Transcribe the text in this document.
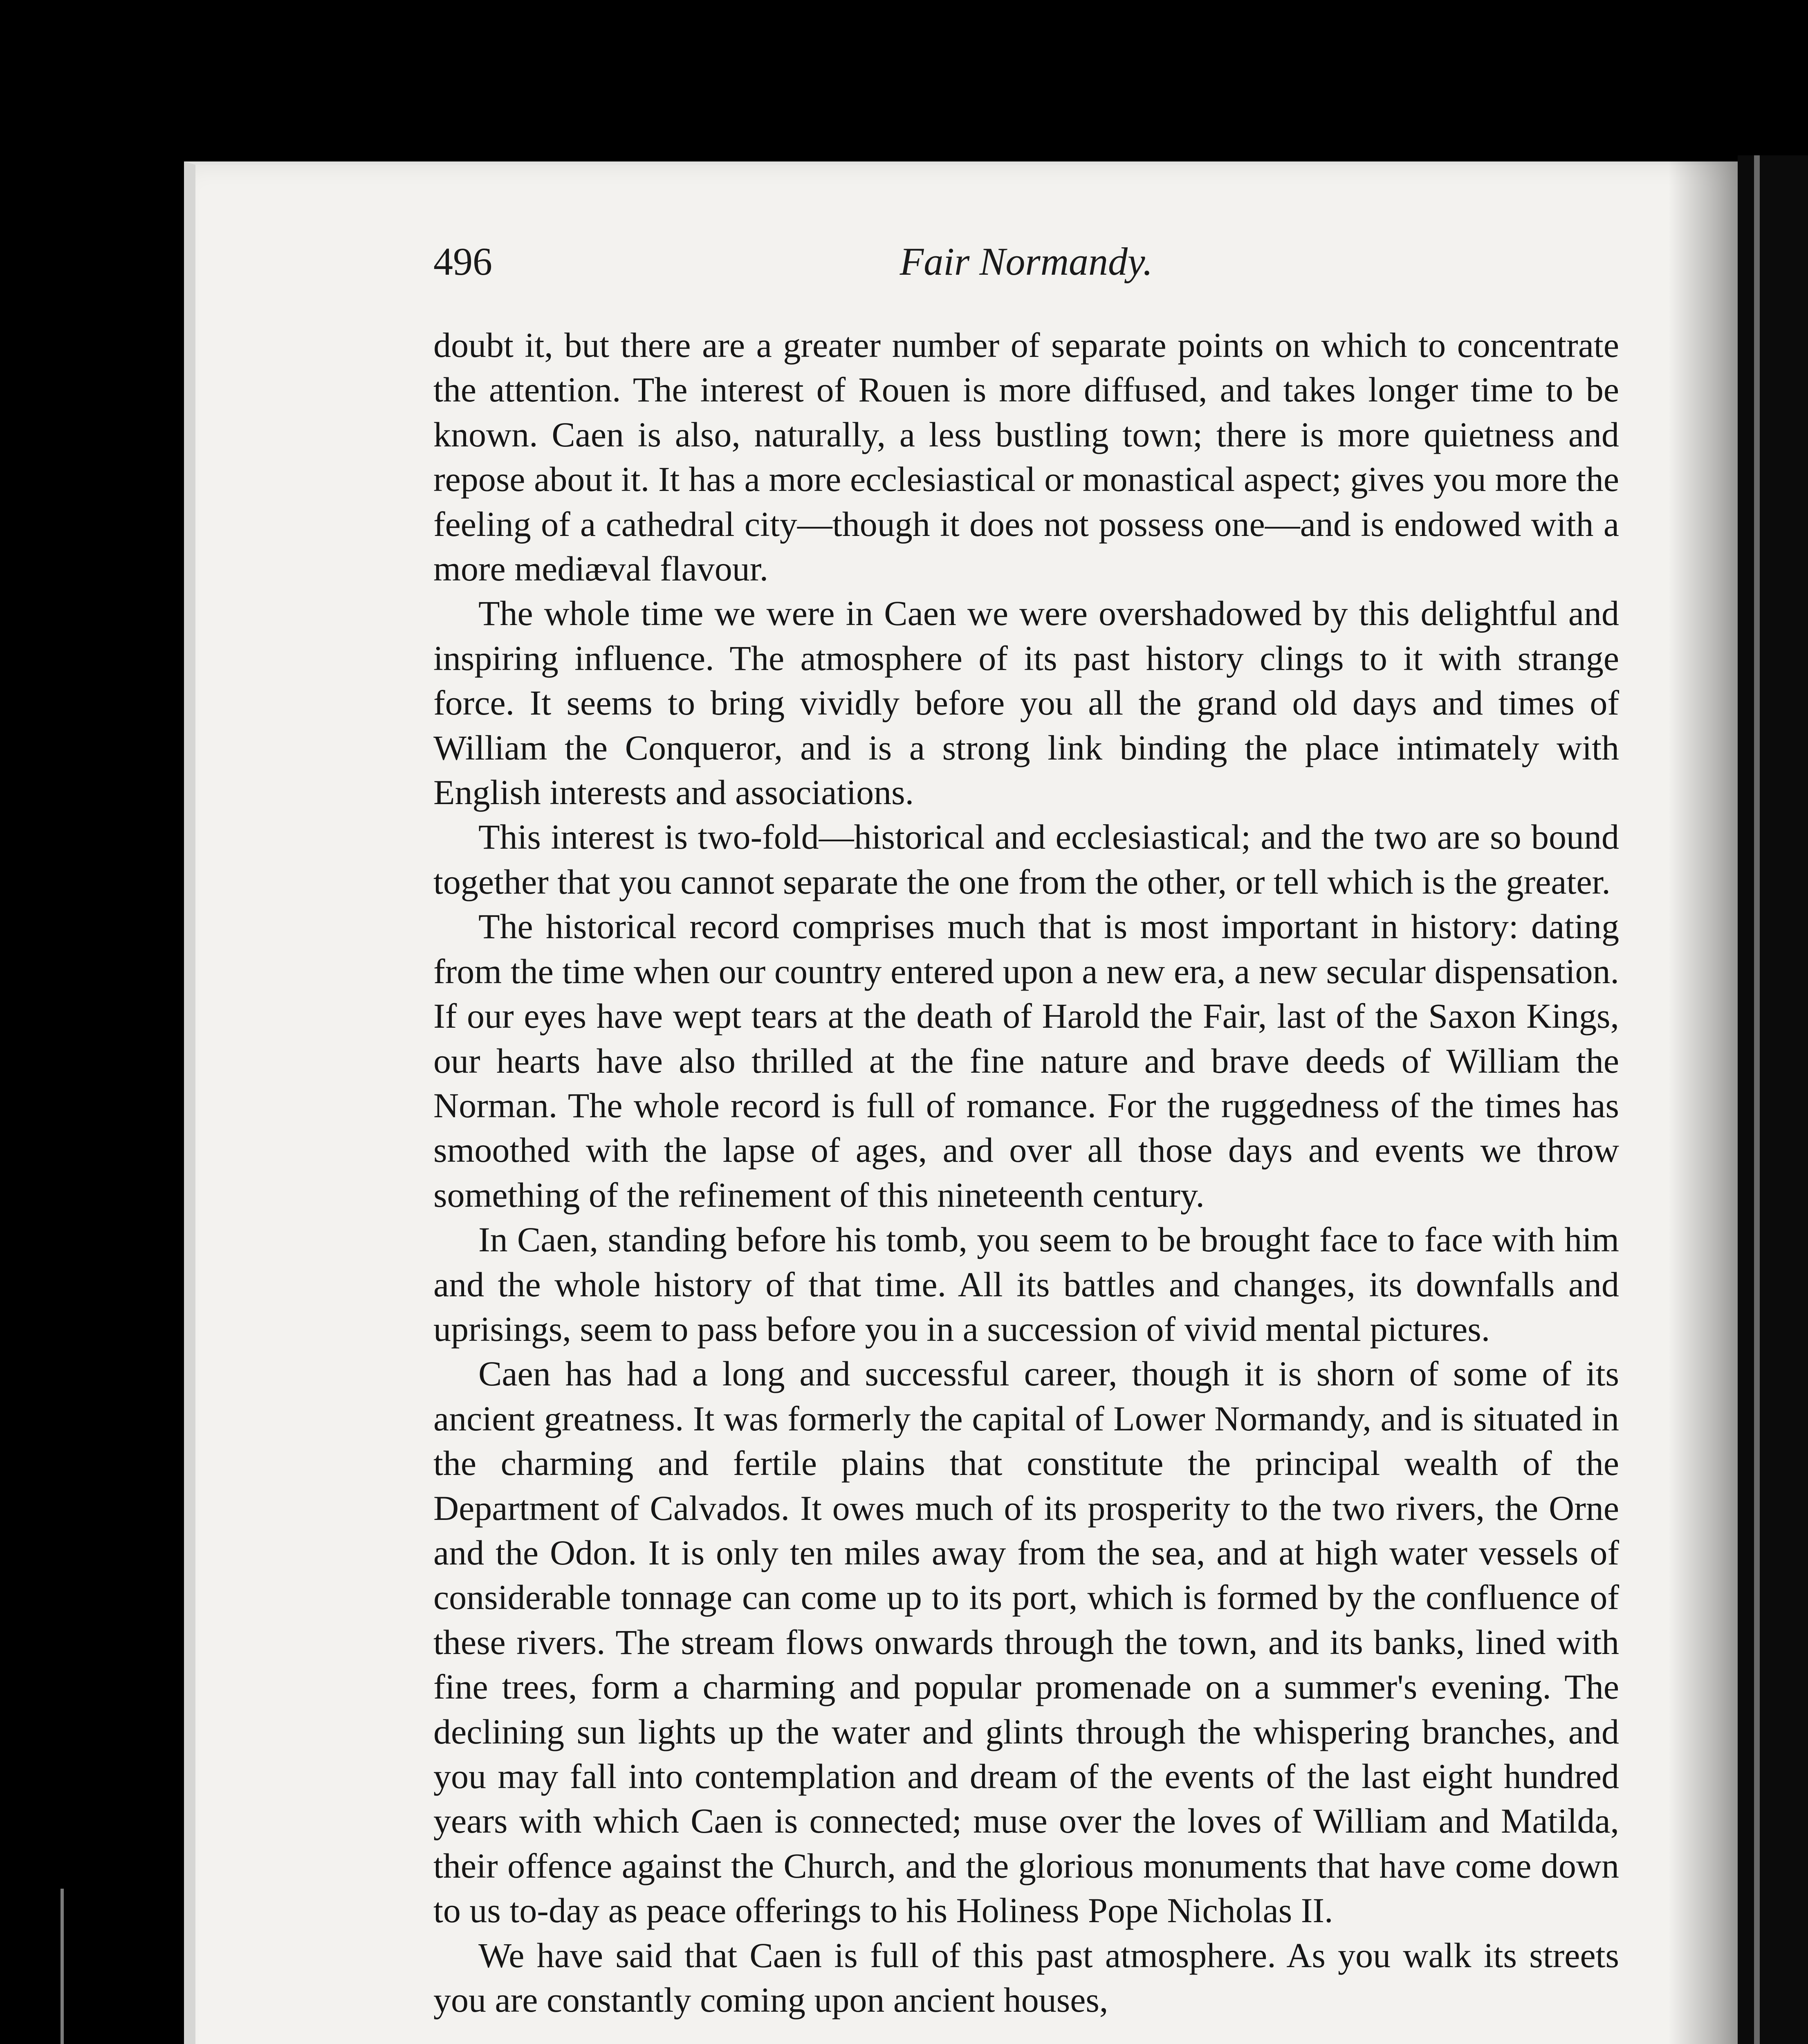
496	Fair Normandy.

doubt it, but there are a greater number of separate points on which to concentrate the attention. The interest of Rouen is more diffused, and takes longer time to be known. Caen is also, naturally, a less bustling town; there is more quietness and repose about it. It has a more ecclesiastical or monastical aspect; gives you more the feeling of a cathedral city—though it does not possess one—and is endowed with a more mediæval flavour.

The whole time we were in Caen we were overshadowed by this delightful and inspiring influence. The atmosphere of its past history clings to it with strange force. It seems to bring vividly before you all the grand old days and times of William the Conqueror, and is a strong link binding the place intimately with English interests and associations.

This interest is two-fold—historical and ecclesiastical; and the two are so bound together that you cannot separate the one from the other, or tell which is the greater.

The historical record comprises much that is most important in history: dating from the time when our country entered upon a new era, a new secular dispensation. If our eyes have wept tears at the death of Harold the Fair, last of the Saxon Kings, our hearts have also thrilled at the fine nature and brave deeds of William the Norman. The whole record is full of romance. For the ruggedness of the times has smoothed with the lapse of ages, and over all those days and events we throw something of the refinement of this nineteenth century.

In Caen, standing before his tomb, you seem to be brought face to face with him and the whole history of that time. All its battles and changes, its downfalls and uprisings, seem to pass before you in a succession of vivid mental pictures.

Caen has had a long and successful career, though it is shorn of some of its ancient greatness. It was formerly the capital of Lower Normandy, and is situated in the charming and fertile plains that constitute the principal wealth of the Department of Calvados. It owes much of its prosperity to the two rivers, the Orne and the Odon. It is only ten miles away from the sea, and at high water vessels of considerable tonnage can come up to its port, which is formed by the confluence of these rivers. The stream flows onwards through the town, and its banks, lined with fine trees, form a charming and popular promenade on a summer's evening. The declining sun lights up the water and glints through the whispering branches, and you may fall into contemplation and dream of the events of the last eight hundred years with which Caen is connected; muse over the loves of William and Matilda, their offence against the Church, and the glorious monuments that have come down to us to-day as peace offerings to his Holiness Pope Nicholas II.

We have said that Caen is full of this past atmosphere. As you walk its streets you are constantly coming upon ancient houses,
